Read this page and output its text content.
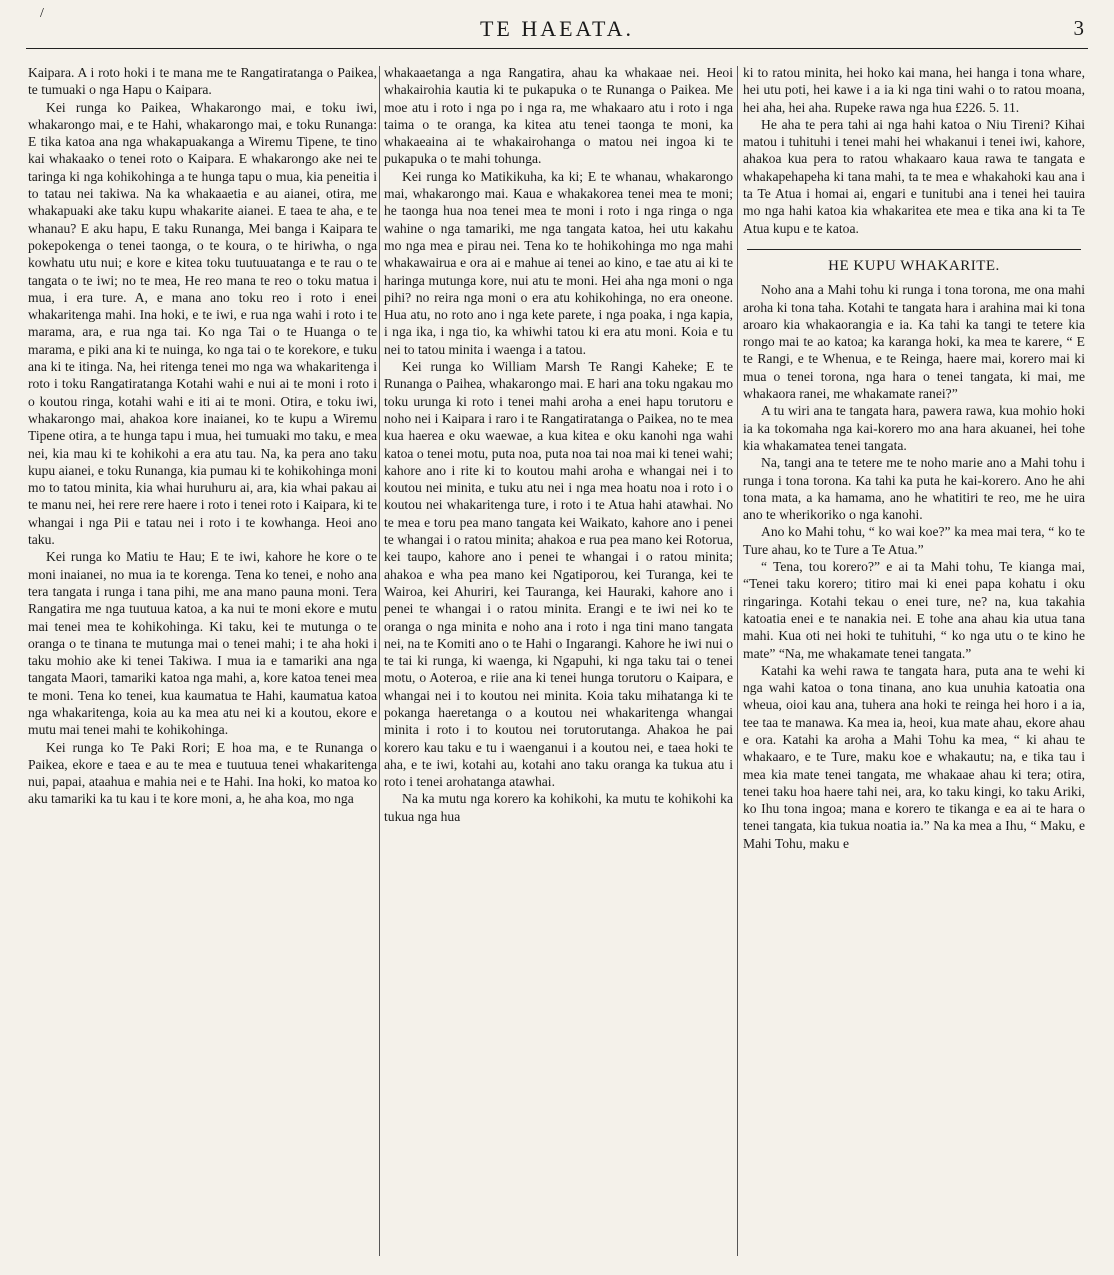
/
TE HAEATA.	3

Kaipara. A i roto hoki i te mana me te Rangatiratanga o Paikea, te tumuaki o nga Hapu o Kaipara.

Kei runga ko Paikea, Whakarongo mai, e toku iwi, whakarongo mai, e te Hahi, whakarongo mai, e toku Runanga: E tika katoa ana nga whakapuakanga a Wiremu Tipene, te tino kai whakaako o tenei roto o Kaipara. E whakarongo ake nei te taringa ki nga kohikohinga a te hunga tapu o mua, kia peneitia i to tatau nei takiwa. Na ka whakaaetia e au aianei, otira, me whakapuaki ake taku kupu whakarite aianei. E taea te aha, e te whanau? E aku hapu, E taku Runanga, Mei banga i Kaipara te pokepokenga o tenei taonga, o te koura, o te hiriwha, o nga kowhatu utu nui; e kore e kitea toku tuutuuatanga e te rau o te tangata o te iwi; no te mea, He reo mana te reo o toku matua i mua, i era ture. A, e mana ano toku reo i roto i enei whakaritenga mahi. Ina hoki, e te iwi, e rua nga wahi i roto i te marama, ara, e rua nga tai. Ko nga Tai o te Huanga o te marama, e piki ana ki te nuinga, ko nga tai o te korekore, e tuku ana ki te itinga. Na, hei ritenga tenei mo nga wa whakaritenga i roto i toku Rangatiratanga Kotahi wahi e nui ai te moni i roto i o koutou ringa, kotahi wahi e iti ai te moni. Otira, e toku iwi, whakarongo mai, ahakoa kore inaianei, ko te kupu a Wiremu Tipene otira, a te hunga tapu i mua, hei tumuaki mo taku, e mea nei, kia mau ki te kohikohi a era atu tau. Na, ka pera ano taku kupu aianei, e toku Runanga, kia pumau ki te kohikohinga moni mo to tatou minita, kia whai huruhuru ai, ara, kia whai pakau ai te manu nei, hei rere rere haere i roto i tenei roto i Kaipara, ki te whangai i nga Pii e tatau nei i roto i te kowhanga. Heoi ano taku.

Kei runga ko Matiu te Hau; E te iwi, kahore he kore o te moni inaianei, no mua ia te korenga. Tena ko tenei, e noho ana tera tangata i runga i tana pihi, me ana mano pauna moni. Tera Rangatira me nga tuutuua katoa, a ka nui te moni ekore e mutu mai tenei mea te kohikohinga. Ki taku, kei te mutunga o te oranga o te tinana te mutunga mai o tenei mahi; i te aha hoki i taku mohio ake ki tenei Takiwa. I mua ia e tamariki ana nga tangata Maori, tamariki katoa nga mahi, a, kore katoa tenei mea te moni. Tena ko tenei, kua kaumatua te Hahi, kaumatua katoa nga whakaritenga, koia au ka mea atu nei ki a koutou, ekore e mutu mai tenei mahi te kohikohinga.

Kei runga ko Te Paki Rori; E hoa ma, e te Runanga o Paikea, ekore e taea e au te mea e tuutuua tenei whakaritenga nui, papai, ataahua e mahia nei e te Hahi. Ina hoki, ko matoa ko aku tamariki ka tu kau i te kore moni, a, he aha koa, mo nga

whakaaetanga a nga Rangatira, ahau ka whakaae nei. Heoi whakairohia kautia ki te pukapuka o te Runanga o Paikea. Me moe atu i roto i nga po i nga ra, me whakaaro atu i roto i nga taima o te oranga, ka kitea atu tenei taonga te moni, ka whakaeaina ai te whakairohanga o matou nei ingoa ki te pukapuka o te mahi tohunga.

Kei runga ko Matikikuha, ka ki; E te whanau, whakarongo mai, whakarongo mai. Kaua e whakakorea tenei mea te moni; he taonga hua noa tenei mea te moni i roto i nga ringa o nga wahine o nga tamariki, me nga tangata katoa, hei utu kakahu mo nga mea e pirau nei. Tena ko te hohikohinga mo nga mahi whakawairua e ora ai e mahue ai tenei ao kino, e tae atu ai ki te haringa mutunga kore, nui atu te moni. Hei aha nga moni o nga pihi? no reira nga moni o era atu kohikohinga, no era oneone. Hua atu, no roto ano i nga kete parete, i nga poaka, i nga kapia, i nga ika, i nga tio, ka whiwhi tatou ki era atu moni. Koia e tu nei to tatou minita i waenga i a tatou.

Kei runga ko William Marsh Te Rangi Kaheke; E te Runanga o Paihea, whakarongo mai. E hari ana toku ngakau mo toku urunga ki roto i tenei mahi aroha a enei hapu torutoru e noho nei i Kaipara i raro i te Rangatiratanga o Paikea, no te mea kua haerea e oku waewae, a kua kitea e oku kanohi nga wahi katoa o tenei motu, puta noa, puta noa tai noa mai ki tenei wahi; kahore ano i rite ki to koutou mahi aroha e whangai nei i to koutou nei minita, e tuku atu nei i nga mea hoatu noa i roto i o koutou nei whakaritenga ture, i roto i te Atua hahi atawhai. No te mea e toru pea mano tangata kei Waikato, kahore ano i penei te whangai i o ratou minita; ahakoa e rua pea mano kei Rotorua, kei taupo, kahore ano i penei te whangai i o ratou minita; ahakoa e wha pea mano kei Ngatiporou, kei Turanga, kei te Wairoa, kei Ahuriri, kei Tauranga, kei Hauraki, kahore ano i penei te whangai i o ratou minita. Erangi e te iwi nei ko te oranga o nga minita e noho ana i roto i nga tini mano tangata nei, na te Komiti ano o te Hahi o Ingarangi. Kahore he iwi nui o te tai ki runga, ki waenga, ki Ngapuhi, ki nga taku tai o tenei motu, o Aoteroa, e riie ana ki tenei hunga torutoru o Kaipara, e whangai nei i to koutou nei minita. Koia taku mihatanga ki te pokanga haeretanga o a koutou nei whakaritenga whangai minita i roto i to koutou nei torutorutanga. Ahakoa he pai korero kau taku e tu i waenganui i a koutou nei, e taea hoki te aha, e te iwi, kotahi au, kotahi ano taku oranga ka tukua atu i roto i tenei arohatanga atawhai.

Na ka mutu nga korero ka kohikohi, ka mutu te kohikohi ka tukua nga hua

ki to ratou minita, hei hoko kai mana, hei hanga i tona whare, hei utu poti, hei kawe i a ia ki nga tini wahi o to ratou moana, hei aha, hei aha. Rupeke rawa nga hua £226. 5. 11.

He aha te pera tahi ai nga hahi katoa o Niu Tireni? Kihai matou i tuhituhi i tenei mahi hei whakanui i tenei iwi, kahore, ahakoa kua pera to ratou whakaaro kaua rawa te tangata e whakapehapeha ki tana mahi, ta te mea e whakahoki kau ana i ta Te Atua i homai ai, engari e tunitubi ana i tenei hei tauira mo nga hahi katoa kia whakaritea ete mea e tika ana ki ta Te Atua kupu e te katoa.

HE KUPU WHAKARITE.

Noho ana a Mahi tohu ki runga i tona torona, me ona mahi aroha ki tona taha. Kotahi te tangata hara i arahina mai ki tona aroaro kia whakaorangia e ia. Ka tahi ka tangi te tetere kia rongo mai te ao katoa; ka karanga hoki, ka mea te karere, “ E te Rangi, e te Whenua, e te Reinga, haere mai, korero mai ki mua o tenei torona, nga hara o tenei tangata, ki mai, me whakaora ranei, me whakamate ranei?”

A tu wiri ana te tangata hara, pawera rawa, kua mohio hoki ia ka tokomaha nga kai-korero mo ana hara akuanei, hei tohe kia whakamatea tenei tangata.

Na, tangi ana te tetere me te noho marie ano a Mahi tohu i runga i tona torona. Ka tahi ka puta he kai-korero. Ano he ahi tona mata, a ka hamama, ano he whatitiri te reo, me he uira ano te wherikoriko o nga kanohi.

Ano ko Mahi tohu, “ ko wai koe?” ka mea mai tera, “ ko te Ture ahau, ko te Ture a Te Atua.”

“ Tena, tou korero?” e ai ta Mahi tohu, Te kianga mai, “Tenei taku korero; titiro mai ki enei papa kohatu i oku ringaringa. Kotahi tekau o enei ture, ne? na, kua takahia katoatia enei e te nanakia nei. E tohe ana ahau kia utua tana mahi. Kua oti nei hoki te tuhituhi, “ ko nga utu o te kino he mate” “Na, me whakamate tenei tangata.”

Katahi ka wehi rawa te tangata hara, puta ana te wehi ki nga wahi katoa o tona tinana, ano kua unuhia katoatia ona wheua, oioi kau ana, tuhera ana hoki te reinga hei horo i a ia, tee taa te manawa. Ka mea ia, heoi, kua mate ahau, ekore ahau e ora. Katahi ka aroha a Mahi Tohu ka mea, “ ki ahau te whakaaro, e te Ture, maku koe e whakautu; na, e tika tau i mea kia mate tenei tangata, me whakaae ahau ki tera; otira, tenei taku hoa haere tahi nei, ara, ko taku kingi, ko taku Ariki, ko Ihu tona ingoa; mana e korero te tikanga e ea ai te hara o tenei tangata, kia tukua noatia ia.” Na ka mea a Ihu, “ Maku, e Mahi Tohu, maku e
